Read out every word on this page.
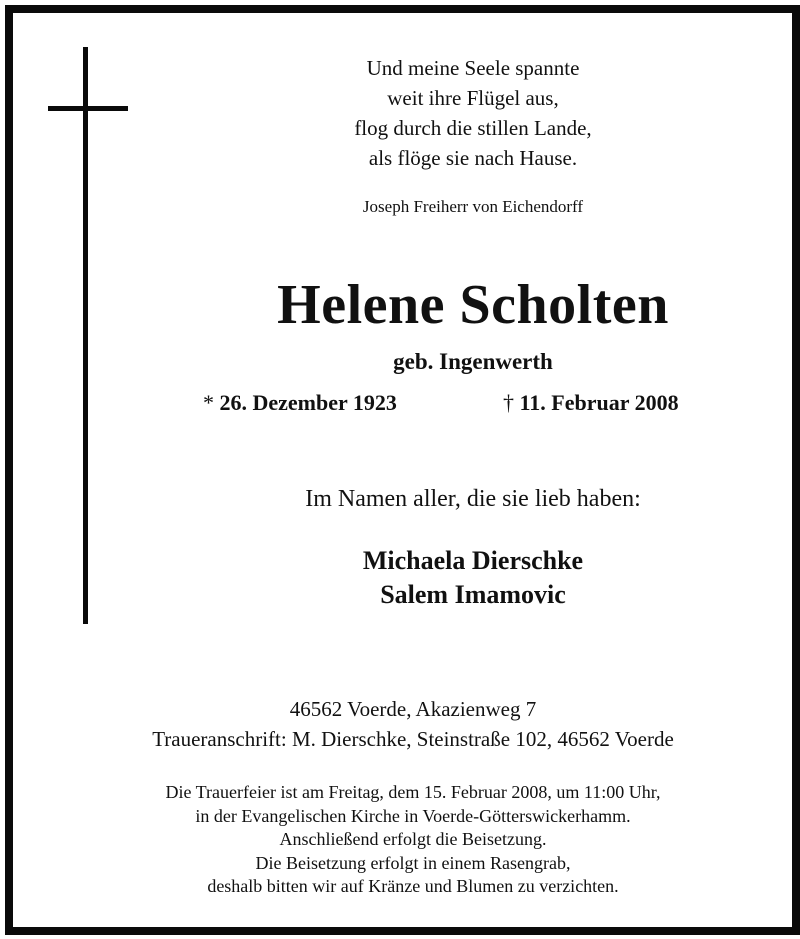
Und meine Seele spannte
weit ihre Flügel aus,
flog durch die stillen Lande,
als flöge sie nach Hause.
Joseph Freiherr von Eichendorff
Helene Scholten
geb. Ingenwerth
* 26. Dezember 1923	† 11. Februar 2008
Im Namen aller, die sie lieb haben:
Michaela Dierschke
Salem Imamovic
46562 Voerde, Akazienweg 7
Traueranschrift: M. Dierschke, Steinstraße 102, 46562 Voerde
Die Trauerfeier ist am Freitag, dem 15. Februar 2008, um 11:00 Uhr,
in der Evangelischen Kirche in Voerde-Götterswickerhamm.
Anschließend erfolgt die Beisetzung.
Die Beisetzung erfolgt in einem Rasengrab,
deshalb bitten wir auf Kränze und Blumen zu verzichten.
